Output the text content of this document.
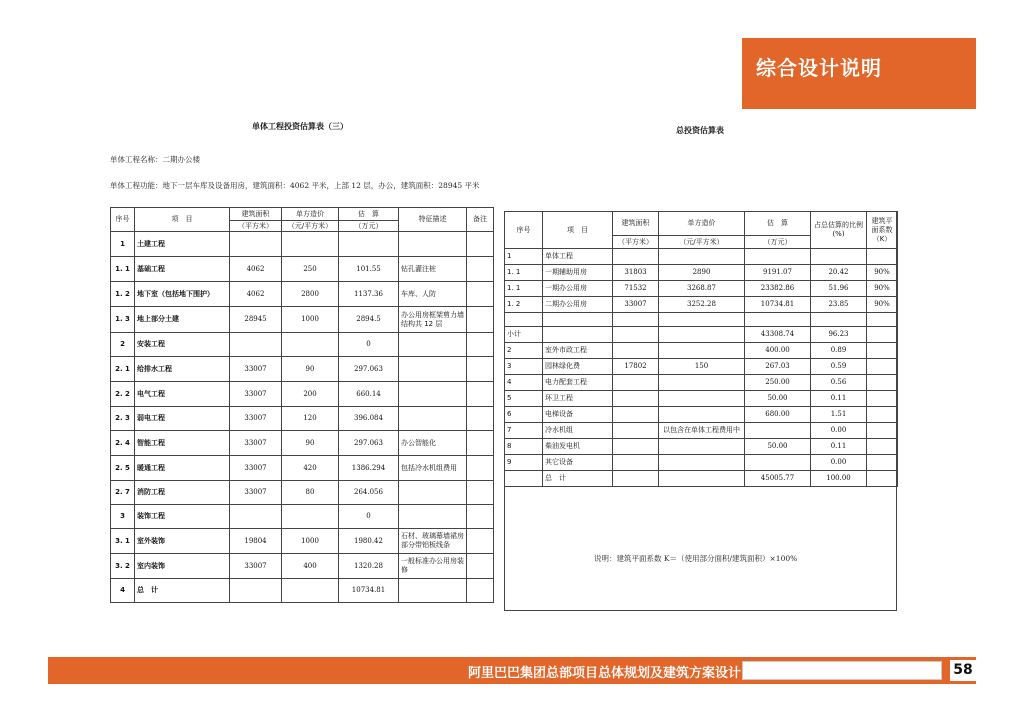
综合设计说明
单体工程投资估算表（三）
单体工程名称：二期办公楼
单体工程功能：地下一层车库及设备用房，建筑面积：4062 平米，上部 12 层，办公，建筑面积：28945 平米
序号	项　目	建筑面积	单方造价	估　算	特征描述	备注
		（平方米）	（元/平方米）	（万元）		
1	土建工程					
1. 1	基础工程	4062	250	101.55	钻孔灌注桩	
1. 2	地下室（包括地下围护）	4062	2800	1137.36	车库、人防	
1. 3	地上部分土建	28945	1000	2894.5	办公用房框架剪力墙结构共 12 层	
2	安装工程			0		
2. 1	给排水工程	33007	90	297.063		
2. 2	电气工程	33007	200	660.14		
2. 3	弱电工程	33007	120	396.084		
2. 4	智能工程	33007	90	297.063	办公智能化	
2. 5	暖通工程	33007	420	1386.294	包括冷水机组费用	
2. 7	消防工程	33007	80	264.056		
3	装饰工程			0		
3. 1	室外装饰	19804	1000	1980.42	石材、玻璃幕墙裙房部分带铝板线条	
3. 2	室内装饰	33007	400	1320.28	一般标准办公用房装修	
4	总　计			10734.81		
总投资估算表
序号	项　目	建筑面积	单方造价	估　算	占总估算的比例(%)	建筑平面系数（K）
		（平方米）	（元/平方米）	（万元）		
1	单体工程					
1. 1	一期辅助用房	31803	2890	9191.07	20.42	90%
1. 1	一期办公用房	71532	3268.87	23382.86	51.96	90%
1. 2	二期办公用房	33007	3252.28	10734.81	23.85	90%

小计				43308.74	96.23	
2	室外市政工程			400.00	0.89	
3	园林绿化费	17802	150	267.03	0.59	
4	电力配套工程			250.00	0.56	
5	环卫工程			50.00	0.11	
6	电梯设备			680.00	1.51	
7	冷水机组		以包含在单体工程费用中		0.00	
8	柴油发电机			50.00	0.11	
9	其它设备				0.00	
	总　计			45005.77	100.00	
说明：建筑平面系数 K＝（使用部分面积/建筑面积）×100%
阿里巴巴集团总部项目总体规划及建筑方案设计	58
